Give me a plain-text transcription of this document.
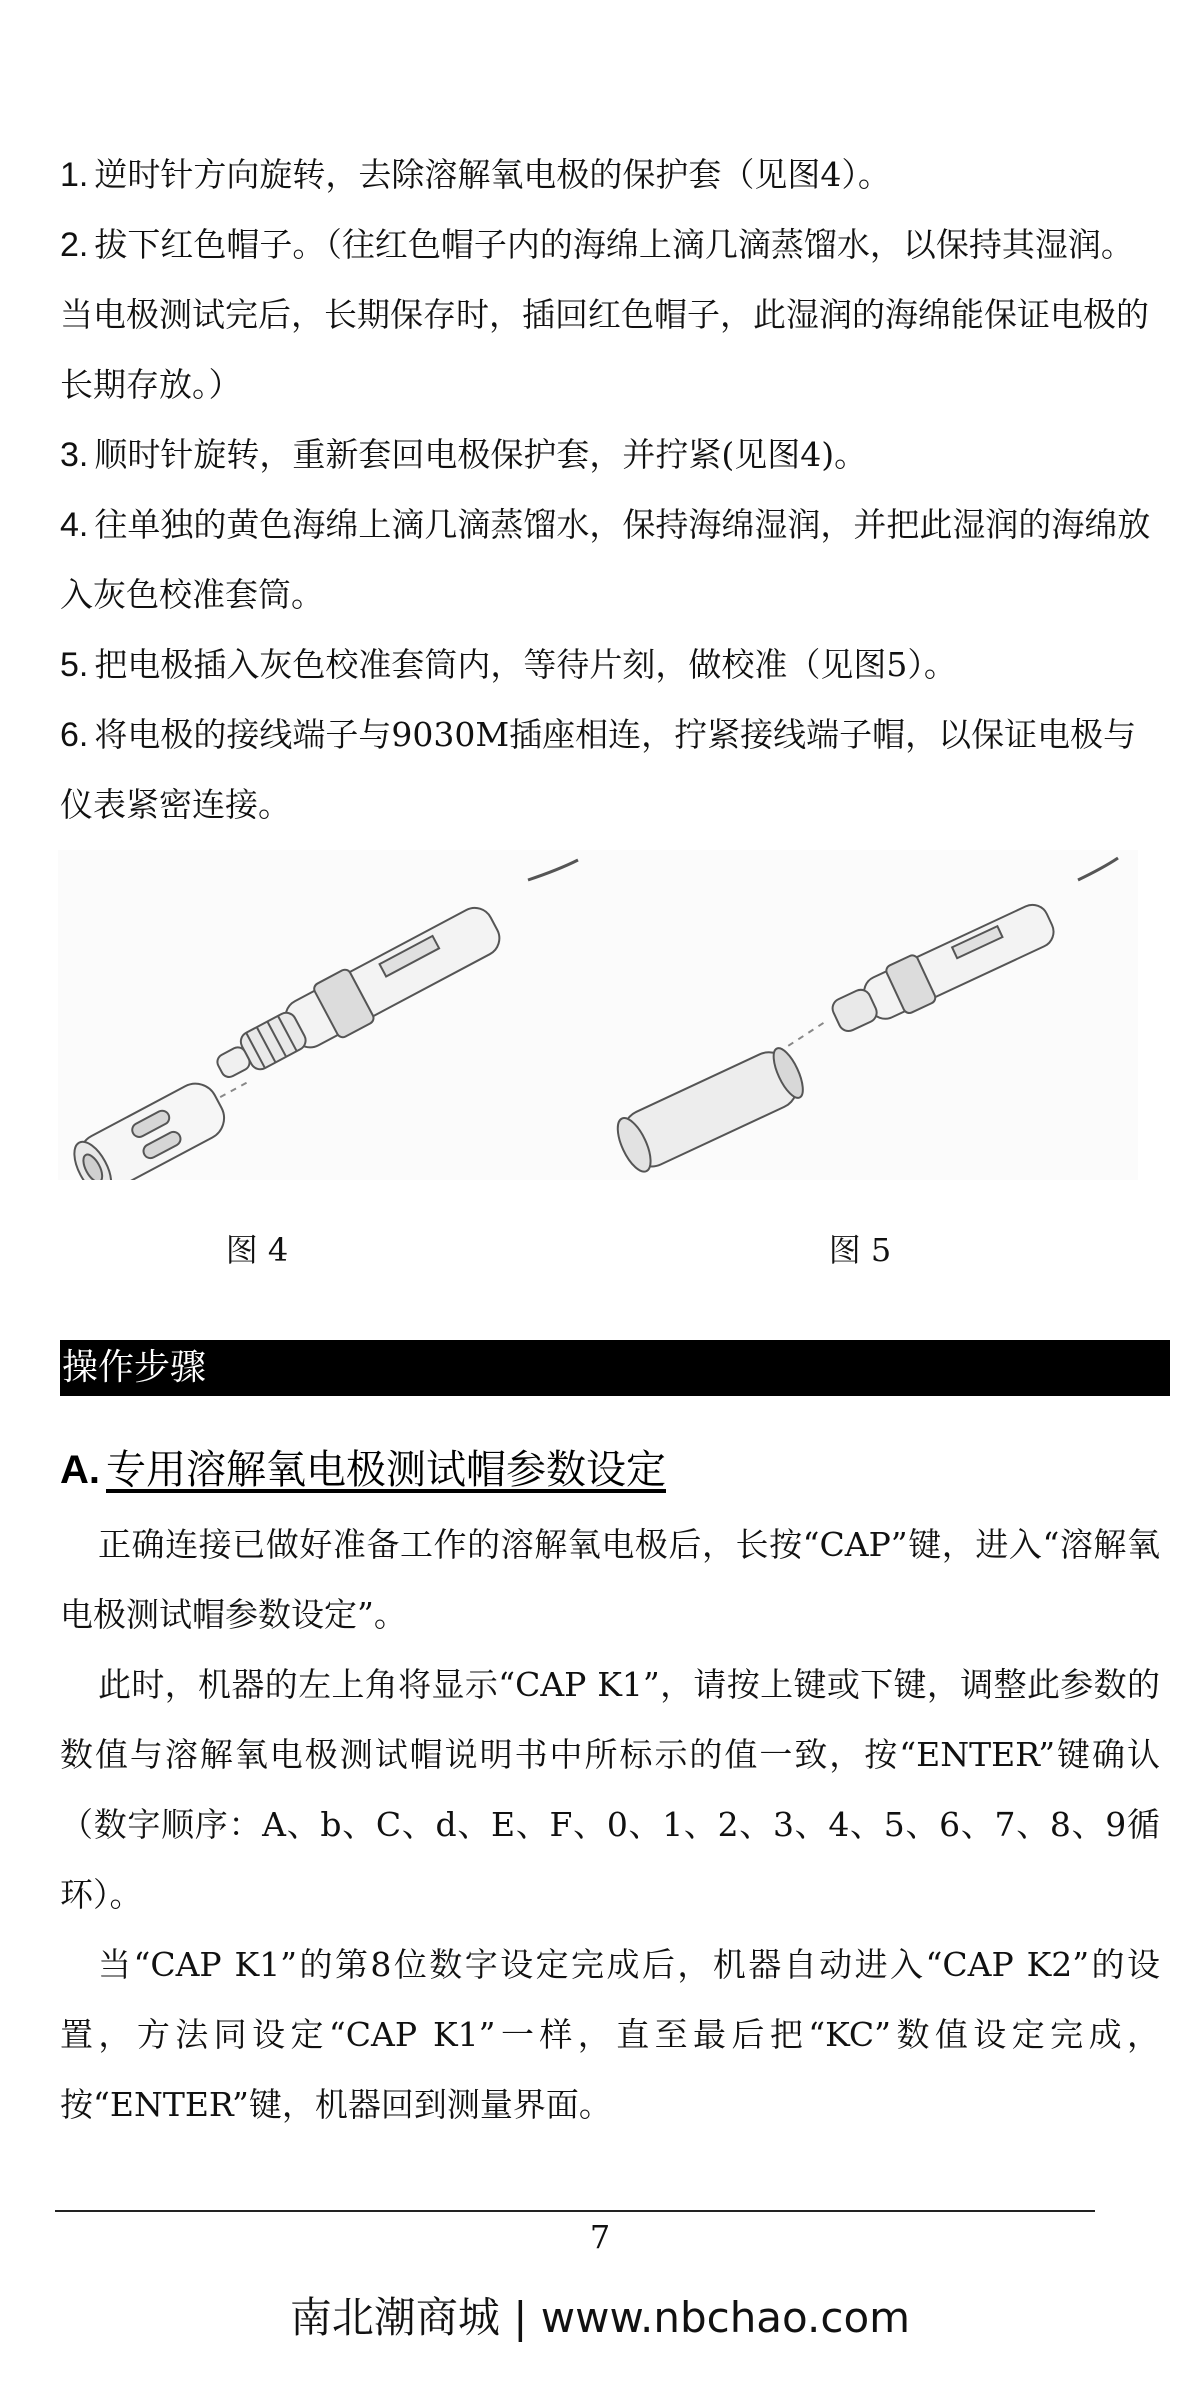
1. 逆时针方向旋转，去除溶解氧电极的保护套（见图4）。

2. 拔下红色帽子。（往红色帽子内的海绵上滴几滴蒸馏水，以保持其湿润。当电极测试完后，长期保存时，插回红色帽子，此湿润的海绵能保证电极的长期存放。）

3. 顺时针旋转，重新套回电极保护套，并拧紧(见图4)。

4. 往单独的黄色海绵上滴几滴蒸馏水，保持海绵湿润，并把此湿润的海绵放入灰色校准套筒。

5. 把电极插入灰色校准套筒内，等待片刻，做校准（见图5）。

6. 将电极的接线端子与9030M插座相连，拧紧接线端子帽，以保证电极与仪表紧密连接。

图 4	图 5
操作步骤
A. 专用溶解氧电极测试帽参数设定

正确连接已做好准备工作的溶解氧电极后，长按“CAP”键，进入“溶解氧电极测试帽参数设定”。

此时，机器的左上角将显示“CAP K1”，请按上键或下键，调整此参数的数值与溶解氧电极测试帽说明书中所标示的值一致，按“ENTER”键确认（数字顺序：A、b、C、d、E、F、0、1、2、3、4、5、6、7、8、9循环）。

当“CAP K1”的第8位数字设定完成后，机器自动进入“CAP K2”的设置，方法同设定“CAP K1”一样，直至最后把“KC”数值设定完成，按“ENTER”键，机器回到测量界面。

7
南北潮商城 | www.nbchao.com
